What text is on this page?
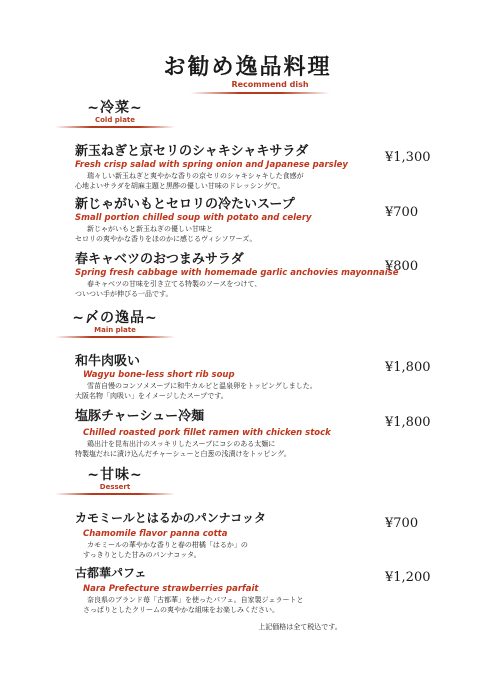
お勧め逸品料理
Recommend dish
~冷菜~
Cold plate
新玉ねぎと京セリのシャキシャキサラダ
Fresh crisp salad with spring onion and Japanese parsley
瑞々しい新玉ねぎと爽やかな香りの京セリのシャキシャキした食感が
心地よいサラダを胡麻主題と黒酢の優しい甘味のドレッシングで。
¥1,300
新じゃがいもとセロリの冷たいスープ
Small portion chilled soup with potato and celery
新じゃがいもと新玉ねぎの優しい甘味と
セロリの爽やかな香りをほのかに感じるヴィシソワーズ。
¥700
春キャベツのおつまみサラダ
Spring fresh cabbage with homemade garlic anchovies mayonnaise
春キャベツの甘味を引き立てる特製のソースをつけて、
ついつい手が伸びる一品です。
¥800
~〆の逸品~
Main plate
和牛肉吸い
Wagyu bone-less short rib soup
雪苗自慢のコンソメスープに和牛カルビと温泉卵をトッピングしました。
大阪名物「肉吸い」をイメージしたスープです。
¥1,800
塩豚チャーシュー冷麺
Chilled roasted pork fillet ramen with chicken stock
鶏出汁を昆布出汁のスッキリしたスープにコシのある太麺に
特製塩だれに漬け込んだチャーシューと白葱の浅漬けをトッピング。
¥1,800
~甘味~
Dessert
カモミールとはるかのパンナコッタ
Chamomile flavor panna cotta
カモミールの華やかな香りと春の柑橘「はるか」の
すっきりとした甘みのパンナコッタ。
¥700
古都華パフェ
Nara Prefecture strawberries parfait
奈良県のブランド苺「古都華」を使ったパフェ。自家製ジェラートと
さっぱりとしたクリームの爽やかな組味をお楽しみください。
¥1,200
上記価格は全て税込です。
